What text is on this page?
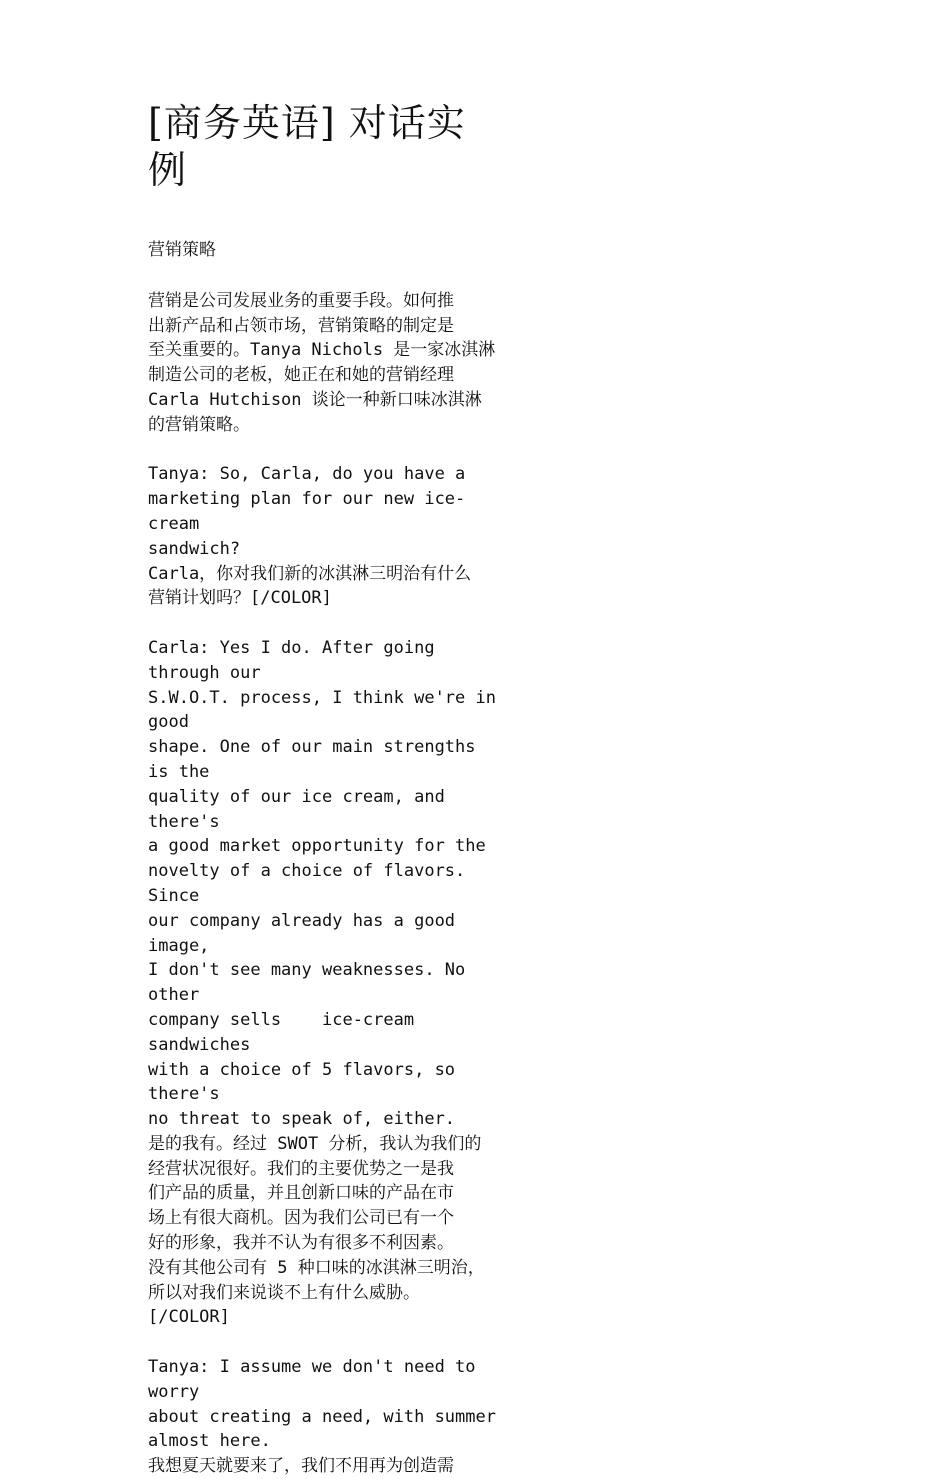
[商务英语] 对话实
例

营销策略

营销是公司发展业务的重要手段。如何推
出新产品和占领市场，营销策略的制定是
至关重要的。Tanya Nichols 是一家冰淇淋
制造公司的老板，她正在和她的营销经理
Carla Hutchison 谈论一种新口味冰淇淋
的营销策略。

Tanya: So, Carla, do you have a
marketing plan for our new ice-cream
sandwich?

Carla，你对我们新的冰淇淋三明治有什么
营销计划吗？[/COLOR]

Carla: Yes I do. After going through our
S.W.O.T. process, I think we're in good
shape. One of our main strengths is the
quality of our ice cream, and there's
a good market opportunity for the
novelty of a choice of flavors. Since
our company already has a good image,
I don't see many weaknesses. No other
company sells    ice-cream sandwiches
with a choice of 5 flavors, so there's
no threat to speak of, either.

是的我有。经过 SWOT 分析，我认为我们的
经营状况很好。我们的主要优势之一是我
们产品的质量，并且创新口味的产品在市
场上有很大商机。因为我们公司已有一个
好的形象，我并不认为有很多不利因素。
没有其他公司有 5 种口味的冰淇淋三明治，
所以对我们来说谈不上有什么威胁。
[/COLOR]

Tanya: I assume we don't need to worry
about creating a need, with summer
almost here.

我想夏天就要来了，我们不用再为创造需
